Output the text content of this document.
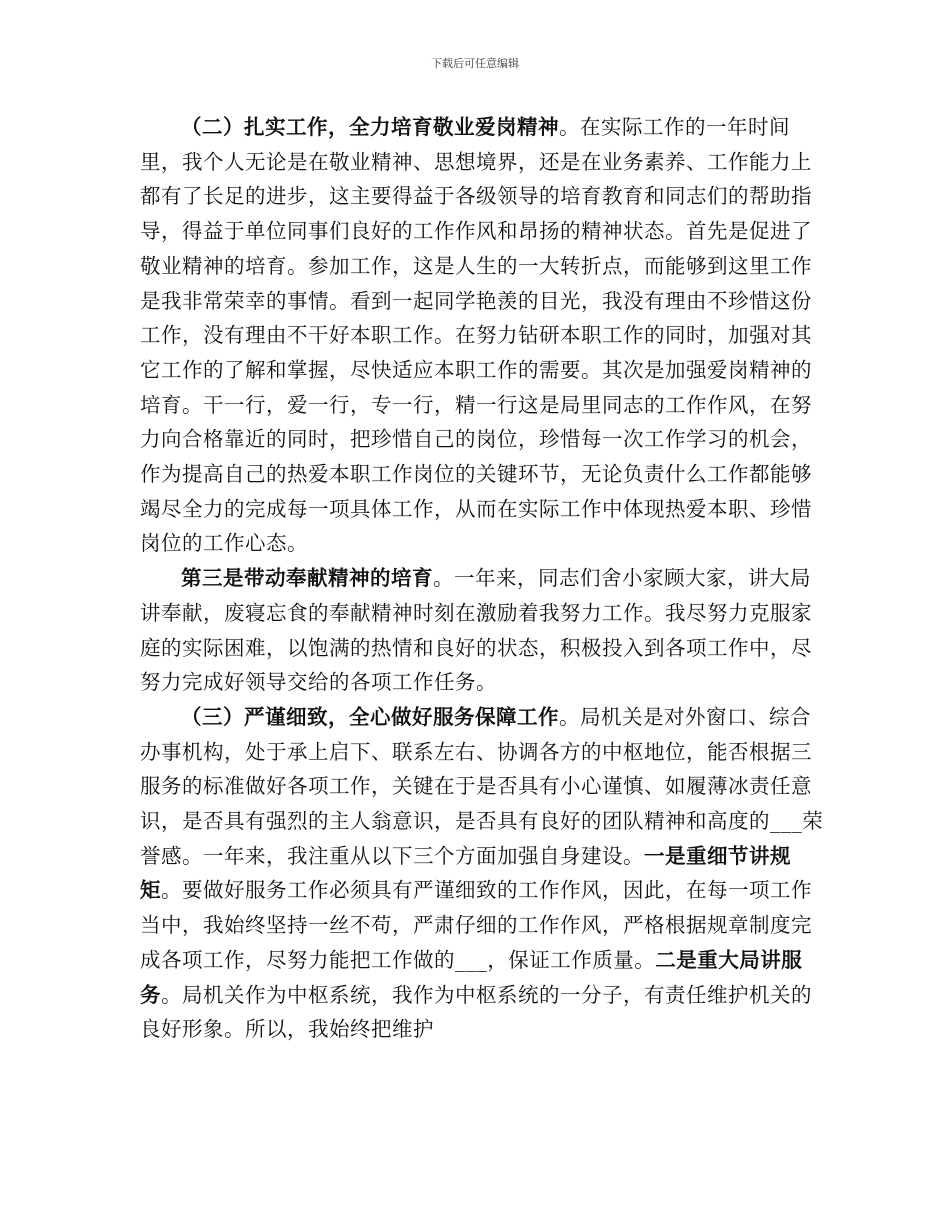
下载后可任意编辑

（二）扎实工作，全力培育敬业爱岗精神。在实际工作的一年时间里，我个人无论是在敬业精神、思想境界，还是在业务素养、工作能力上都有了长足的进步，这主要得益于各级领导的培育教育和同志们的帮助指导，得益于单位同事们良好的工作作风和昂扬的精神状态。首先是促进了敬业精神的培育。参加工作，这是人生的一大转折点，而能够到这里工作是我非常荣幸的事情。看到一起同学艳羡的目光，我没有理由不珍惜这份工作，没有理由不干好本职工作。在努力钻研本职工作的同时，加强对其它工作的了解和掌握，尽快适应本职工作的需要。其次是加强爱岗精神的培育。干一行，爱一行，专一行，精一行这是局里同志的工作作风，在努力向合格靠近的同时，把珍惜自己的岗位，珍惜每一次工作学习的机会，作为提高自己的热爱本职工作岗位的关键环节，无论负责什么工作都能够竭尽全力的完成每一项具体工作，从而在实际工作中体现热爱本职、珍惜岗位的工作心态。

第三是带动奉献精神的培育。一年来，同志们舍小家顾大家，讲大局讲奉献，废寝忘食的奉献精神时刻在激励着我努力工作。我尽努力克服家庭的实际困难，以饱满的热情和良好的状态，积极投入到各项工作中，尽努力完成好领导交给的各项工作任务。

（三）严谨细致，全心做好服务保障工作。局机关是对外窗口、综合办事机构，处于承上启下、联系左右、协调各方的中枢地位，能否根据三服务的标准做好各项工作，关键在于是否具有小心谨慎、如履薄冰责任意识，是否具有强烈的主人翁意识，是否具有良好的团队精神和高度的___荣誉感。一年来，我注重从以下三个方面加强自身建设。一是重细节讲规矩。要做好服务工作必须具有严谨细致的工作作风，因此，在每一项工作当中，我始终坚持一丝不苟，严肃仔细的工作作风，严格根据规章制度完成各项工作，尽努力能把工作做的___，保证工作质量。二是重大局讲服务。局机关作为中枢系统，我作为中枢系统的一分子，有责任维护机关的良好形象。所以，我始终把维护
